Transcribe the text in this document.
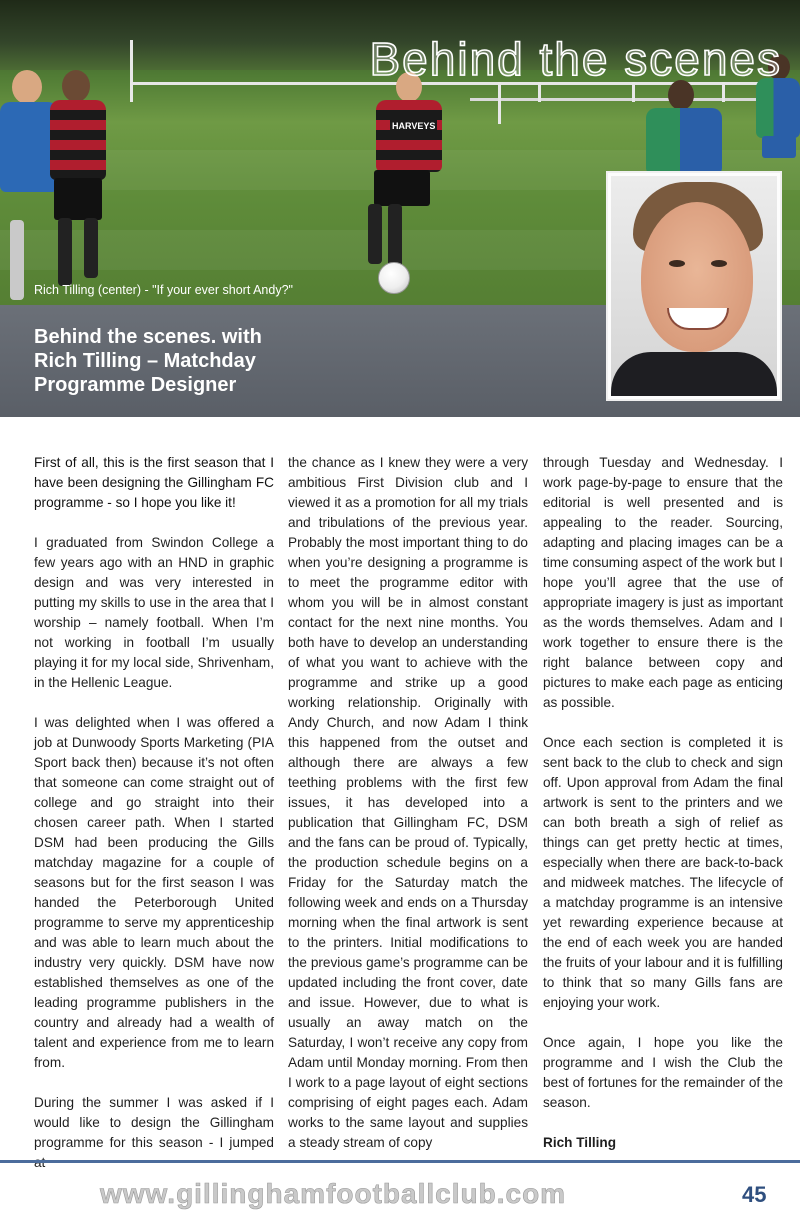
HARVEYS
Behind the scenes
Rich Tilling (center) - "If your ever short Andy?"
Behind the scenes. with
Rich Tilling – Matchday
Programme Designer

First of all, this is the first season that I have been designing the Gillingham FC programme - so I hope you like it!

I graduated from Swindon College a few years ago with an HND in graphic design and was very interested in putting my skills to use in the area that I worship – namely football. When I’m not working in football I’m usually playing it for my local side, Shrivenham, in the Hellenic League.

I was delighted when I was offered a job at Dunwoody Sports Marketing (PIA Sport back then) because it’s not often that someone can come straight out of college and go straight into their chosen career path. When I started DSM had been producing the Gills matchday magazine for a couple of seasons but for the first season I was handed the Peterborough United programme to serve my apprenticeship and was able to learn much about the industry very quickly. DSM have now established themselves as one of the leading programme publishers in the country and already had a wealth of talent and experience from me to learn from.

During the summer I was asked if I would like to design the Gillingham programme for this season - I jumped

the chance as I knew they were a very ambitious First Division club and I viewed it as a promotion for all my trials and tribulations of the previous year. Probably the most important thing to do when you’re designing a programme is to meet the programme editor with whom you will be in almost constant contact for the next nine months. You both have to develop an understanding of what you want to achieve with the programme and strike up a good working relationship. Originally with Andy Church, and now Adam I think this happened from the outset and although there are always a few teething problems with the first few issues, it has developed into a publication that Gillingham FC, DSM and the fans can be proud of. Typically, the production schedule begins on a Friday for the Saturday match the following week and ends on a Thursday morning when the final artwork is sent to the printers. Initial modifications to the previous game’s programme can be updated including the front cover, date and issue. However, due to what is usually an away match on the Saturday, I won’t receive any copy from Adam until Monday morning. From then I work to a page layout of eight sections comprising of eight pages each. Adam works to the same layout and supplies a steady stream of copy

through Tuesday and Wednesday. I work page-by-page to ensure that the editorial is well presented and is appealing to the reader. Sourcing, adapting and placing images can be a time consuming aspect of the work but I hope you’ll agree that the use of appropriate imagery is just as important as the words themselves. Adam and I work together to ensure there is the right balance between copy and pictures to make each page as enticing as possible.

Once each section is completed it is sent back to the club to check and sign off. Upon approval from Adam the final artwork is sent to the printers and we can both breath a sigh of relief as things can get pretty hectic at times, especially when there are back-to-back and midweek matches. The lifecycle of a matchday programme is an intensive yet rewarding experience because at the end of each week you are handed the fruits of your labour and it is fulfilling to think that so many Gills fans are enjoying your work.

Once again, I hope you like the programme and I wish the Club the best of fortunes for the remainder of the season.

Rich Tilling

www.gillinghamfootballclub.com	45
